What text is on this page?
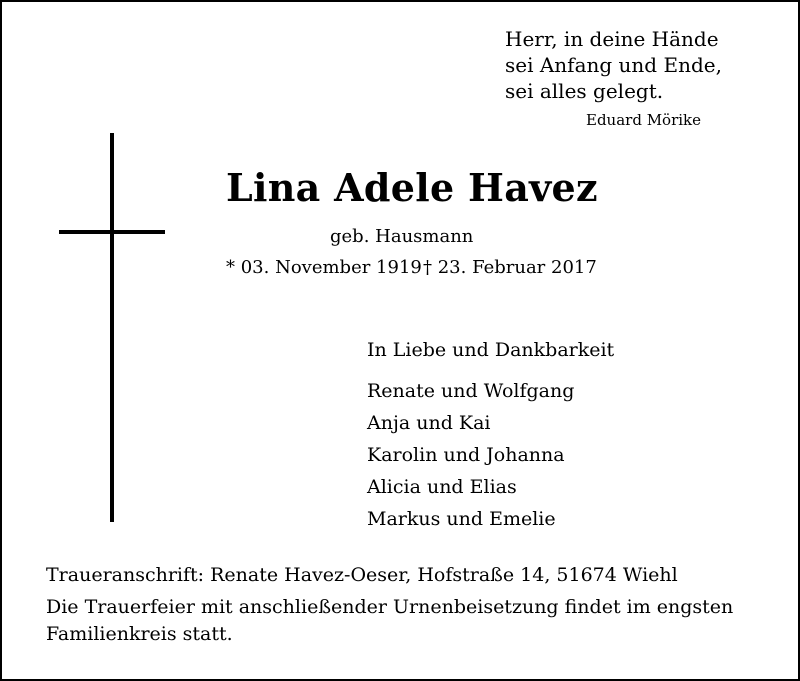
Herr, in deine Hände
sei Anfang und Ende,
sei alles gelegt.
Eduard Mörike
Lina Adele Havez
geb. Hausmann
* 03. November 1919 † 23. Februar 2017
In Liebe und Dankbarkeit
Renate und Wolfgang
Anja und Kai
Karolin und Johanna
Alicia und Elias
Markus und Emelie
Traueranschrift: Renate Havez-Oeser, Hofstraße 14, 51674 Wiehl
Die Trauerfeier mit anschließender Urnenbeisetzung findet im engsten
Familienkreis statt.
